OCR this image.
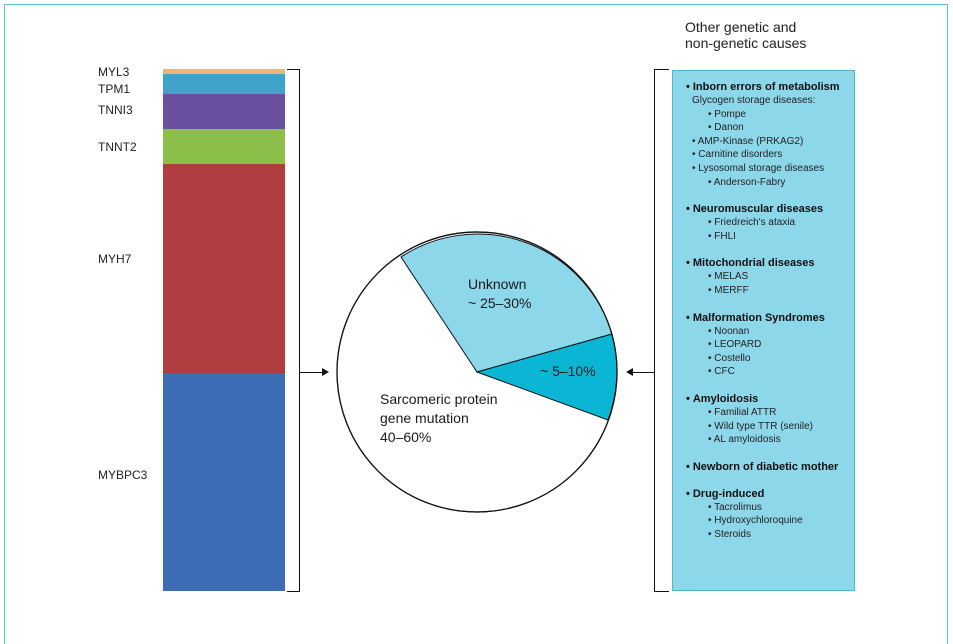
MYL3
TPM1
TNNI3
TNNT2
MYH7
MYBPC3
Unknown
~ 25–30%
~ 5–10%
Sarcomeric protein
gene mutation
40–60%
Other genetic and
non-genetic causes
• Inborn errors of metabolism
Glycogen storage diseases:
• Pompe
• Danon
• AMP-Kinase (PRKAG2)
• Carnitine disorders
• Lysosomal storage diseases
• Anderson-Fabry
• Neuromuscular diseases
• Friedreich's ataxia
• FHLI
• Mitochondrial diseases
• MELAS
• MERFF
• Malformation Syndromes
• Noonan
• LEOPARD
• Costello
• CFC
• Amyloidosis
• Familial ATTR
• Wild type TTR (senile)
• AL amyloidosis
• Newborn of diabetic mother
• Drug-induced
• Tacrolimus
• Hydroxychloroquine
• Steroids
